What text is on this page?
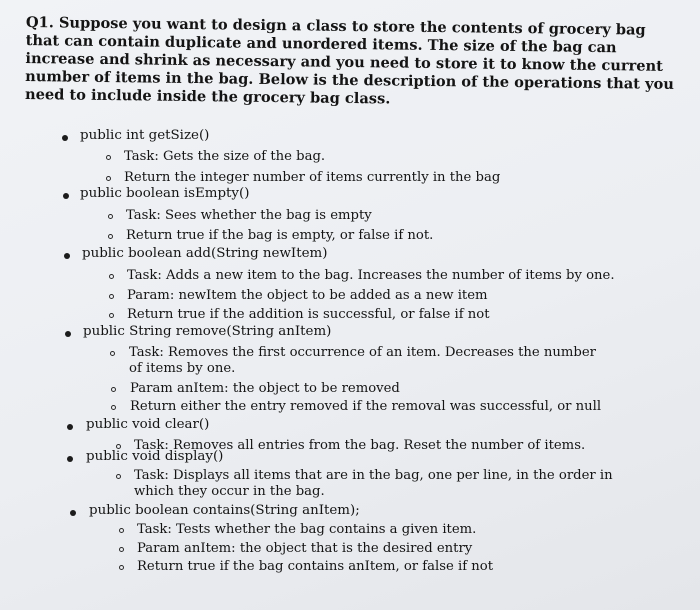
Q1. Suppose you want to design a class to store the contents of grocery bag that can contain duplicate and unordered items. The size of the bag can increase and shrink as necessary and you need to store it to know the current number of items in the bag. Below is the description of the operations that you need to include inside the grocery bag class.
public int getSize()
Task: Gets the size of the bag.
Return the integer number of items currently in the bag
public boolean isEmpty()
Task: Sees whether the bag is empty
Return true if the bag is empty, or false if not.
public boolean add(String newItem)
Task: Adds a new item to the bag. Increases the number of items by one.
Param: newItem the object to be added as a new item
Return true if the addition is successful, or false if not
public String remove(String anItem)
Task: Removes the first occurrence of an item. Decreases the number of items by one.
Param anItem: the object to be removed
Return either the entry removed if the removal was successful, or null
public void clear()
Task: Removes all entries from the bag. Reset the number of items.
public void display()
Task: Displays all items that are in the bag, one per line, in the order in which they occur in the bag.
public boolean contains(String anItem);
Task: Tests whether the bag contains a given item.
Param anItem: the object that is the desired entry
Return true if the bag contains anItem, or false if not
